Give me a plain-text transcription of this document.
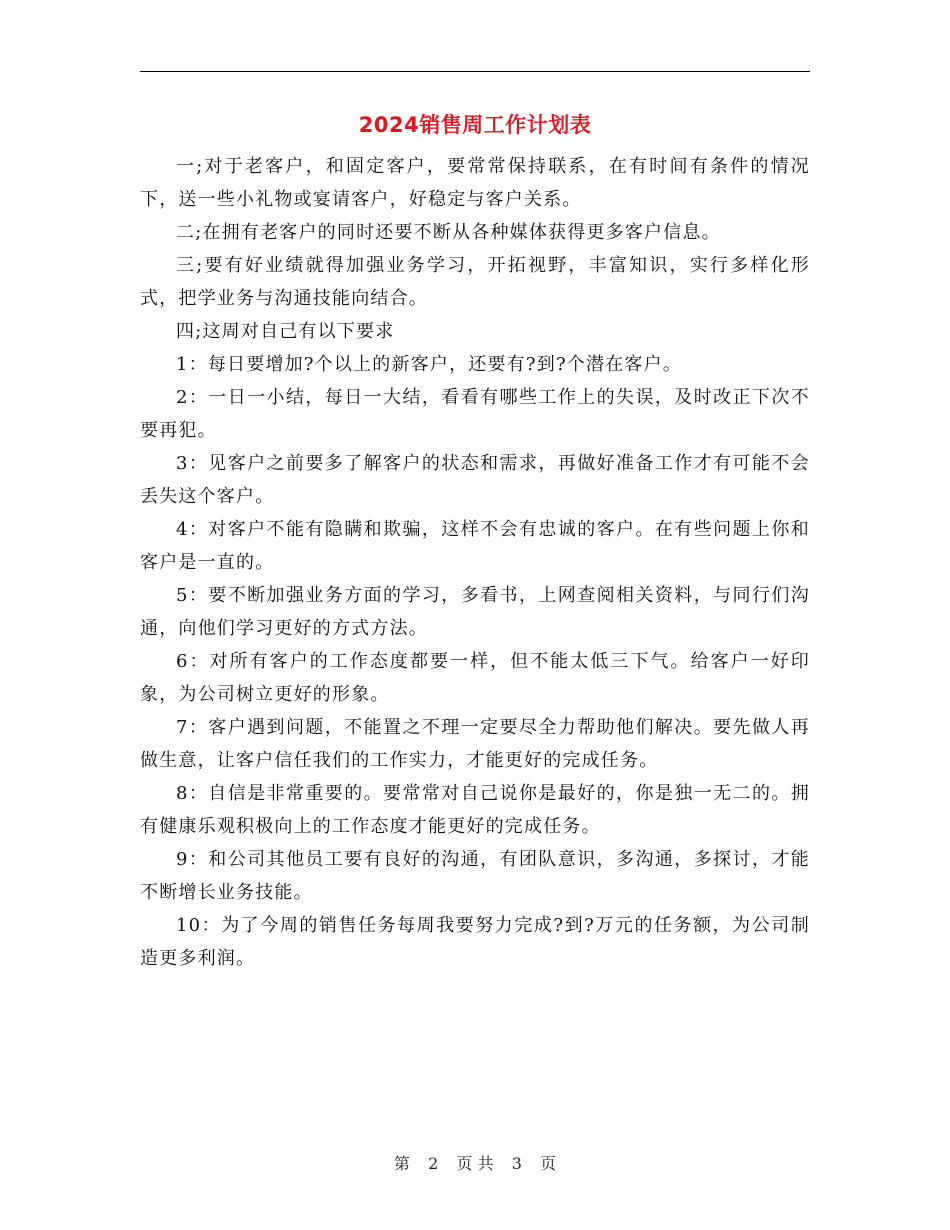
2024销售周工作计划表

一;对于老客户，和固定客户，要常常保持联系，在有时间有条件的情况下，送一些小礼物或宴请客户，好稳定与客户关系。

二;在拥有老客户的同时还要不断从各种媒体获得更多客户信息。

三;要有好业绩就得加强业务学习，开拓视野，丰富知识，实行多样化形式，把学业务与沟通技能向结合。

四;这周对自己有以下要求

1：每日要增加?个以上的新客户，还要有?到?个潜在客户。

2：一日一小结，每日一大结，看看有哪些工作上的失误，及时改正下次不要再犯。

3：见客户之前要多了解客户的状态和需求，再做好准备工作才有可能不会丢失这个客户。

4：对客户不能有隐瞒和欺骗，这样不会有忠诚的客户。在有些问题上你和客户是一直的。

5：要不断加强业务方面的学习，多看书，上网查阅相关资料，与同行们沟通，向他们学习更好的方式方法。

6：对所有客户的工作态度都要一样，但不能太低三下气。给客户一好印象，为公司树立更好的形象。

7：客户遇到问题，不能置之不理一定要尽全力帮助他们解决。要先做人再做生意，让客户信任我们的工作实力，才能更好的完成任务。

8：自信是非常重要的。要常常对自己说你是最好的，你是独一无二的。拥有健康乐观积极向上的工作态度才能更好的完成任务。

9：和公司其他员工要有良好的沟通，有团队意识，多沟通，多探讨，才能不断增长业务技能。

10：为了今周的销售任务每周我要努力完成?到?万元的任务额，为公司制造更多利润。

第 2 页 共 3 页
